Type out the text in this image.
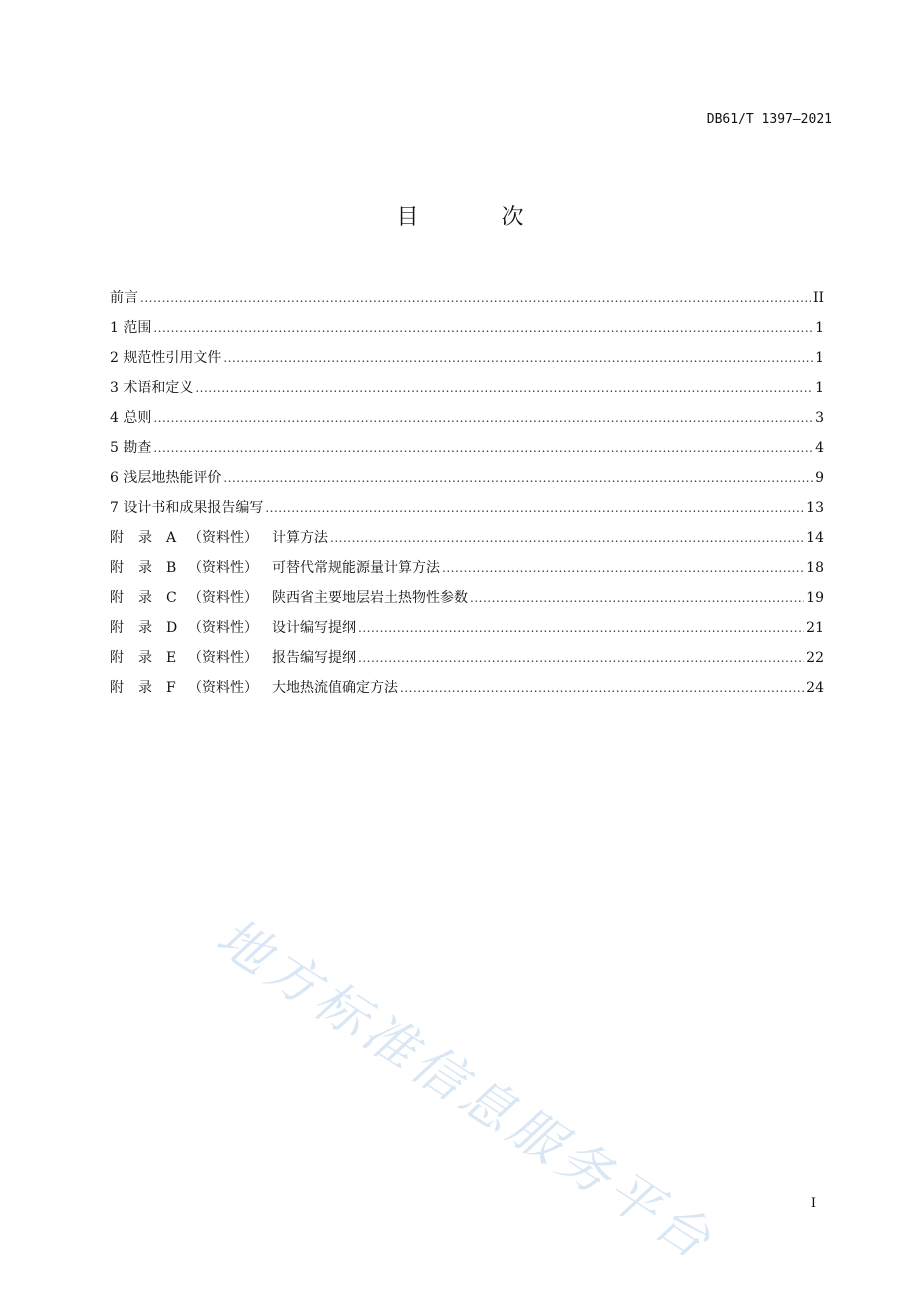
DB61/T 1397—2021
目 次
前言 .....	II
1 范围 .....	1
2 规范性引用文件 .....	1
3 术语和定义 .....	1
4 总则 .....	3
5 勘查 .....	4
6 浅层地热能评价 .....	9
7 设计书和成果报告编写 .....	13
附 录 A （资料性） 计算方法 .....	14
附 录 B （资料性） 可替代常规能源量计算方法 .....	18
附 录 C （资料性） 陕西省主要地层岩土热物性参数 .....	19
附 录 D （资料性） 设计编写提纲 .....	21
附 录 E （资料性） 报告编写提纲 .....	22
附 录 F （资料性） 大地热流值确定方法 .....	24
地方标准信息服务平台	I
